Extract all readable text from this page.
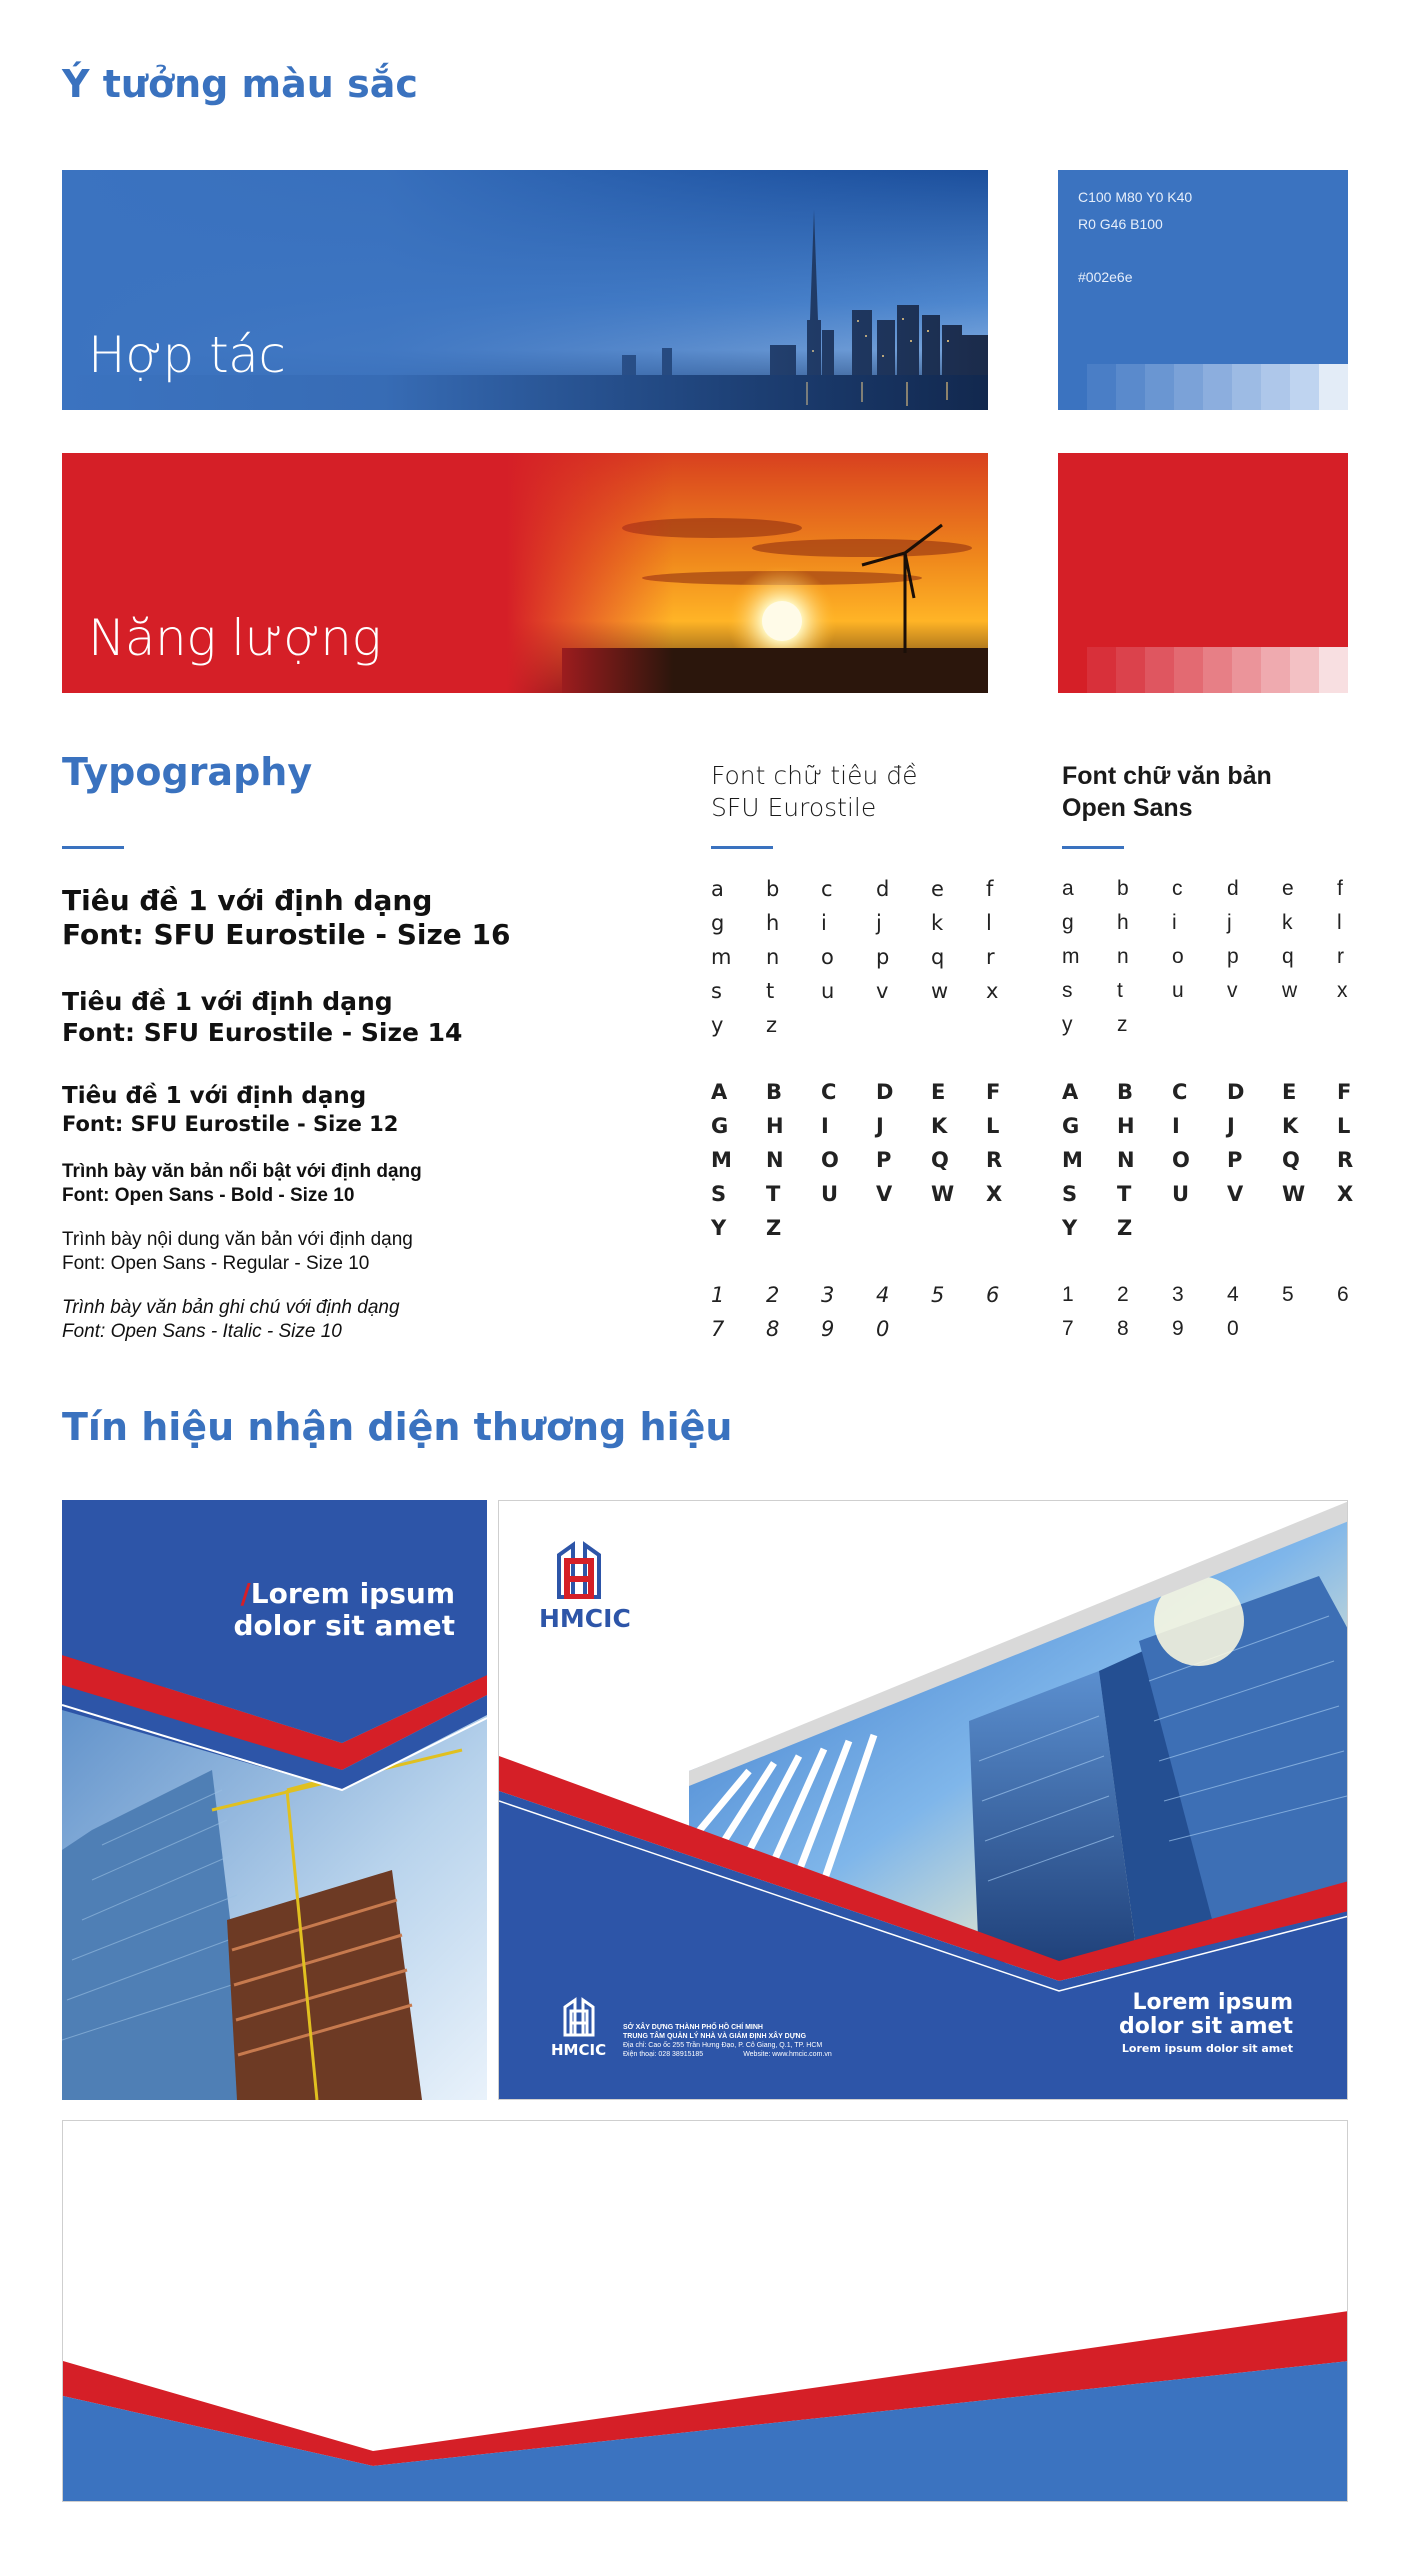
Ý tưởng màu sắc
Hợp tác
C100 M80 Y0 K40
R0 G46 B100
#002e6e
Năng lượng
Typography
Tiêu đề 1 với định dạng
Font: SFU Eurostile - Size 16
Tiêu đề 1 với định dạng
Font: SFU Eurostile - Size 14
Tiêu đề 1 với định dạng
Font: SFU Eurostile - Size 12
Trình bày văn bản nổi bật với định dạng
Font: Open Sans - Bold - Size 10
Trình bày nội dung văn bản với định dạng
Font: Open Sans - Regular - Size 10
Trình bày văn bản ghi chú với định dạng
Font: Open Sans - Italic - Size 10
Font chữ tiêu đề
SFU Eurostile
a	b	c	d	e	f
g	h	i	j	k	l
m	n	o	p	q	r
s	t	u	v	w	x
y	z
A	B	C	D	E	F
G	H	I	J	K	L
M	N	O	P	Q	R
S	T	U	V	W	X
Y	Z
1	2	3	4	5	6
7	8	9	0
Font chữ văn bản
Open Sans
a	b	c	d	e	f
g	h	i	j	k	l
m	n	o	p	q	r
s	t	u	v	w	x
y	z
A	B	C	D	E	F
G	H	I	J	K	L
M	N	O	P	Q	R
S	T	U	V	W	X
Y	Z
1	2	3	4	5	6
7	8	9	0
Tín hiệu nhận diện thương hiệu
/Lorem ipsum
dolor sit amet	HMCIC
Lorem ipsum
dolor sit amet
Lorem ipsum dolor sit amet
HMCIC
SỞ XÂY DỰNG THÀNH PHỐ HỒ CHÍ MINH
TRUNG TÂM QUẢN LÝ NHÀ VÀ GIÁM ĐỊNH XÂY DỰNG
Địa chỉ: Cao ốc 255 Trần Hưng Đạo, P. Cô Giang, Q.1, TP. HCM
Điện thoại: 028 38915185	Website: www.hmcic.com.vn
